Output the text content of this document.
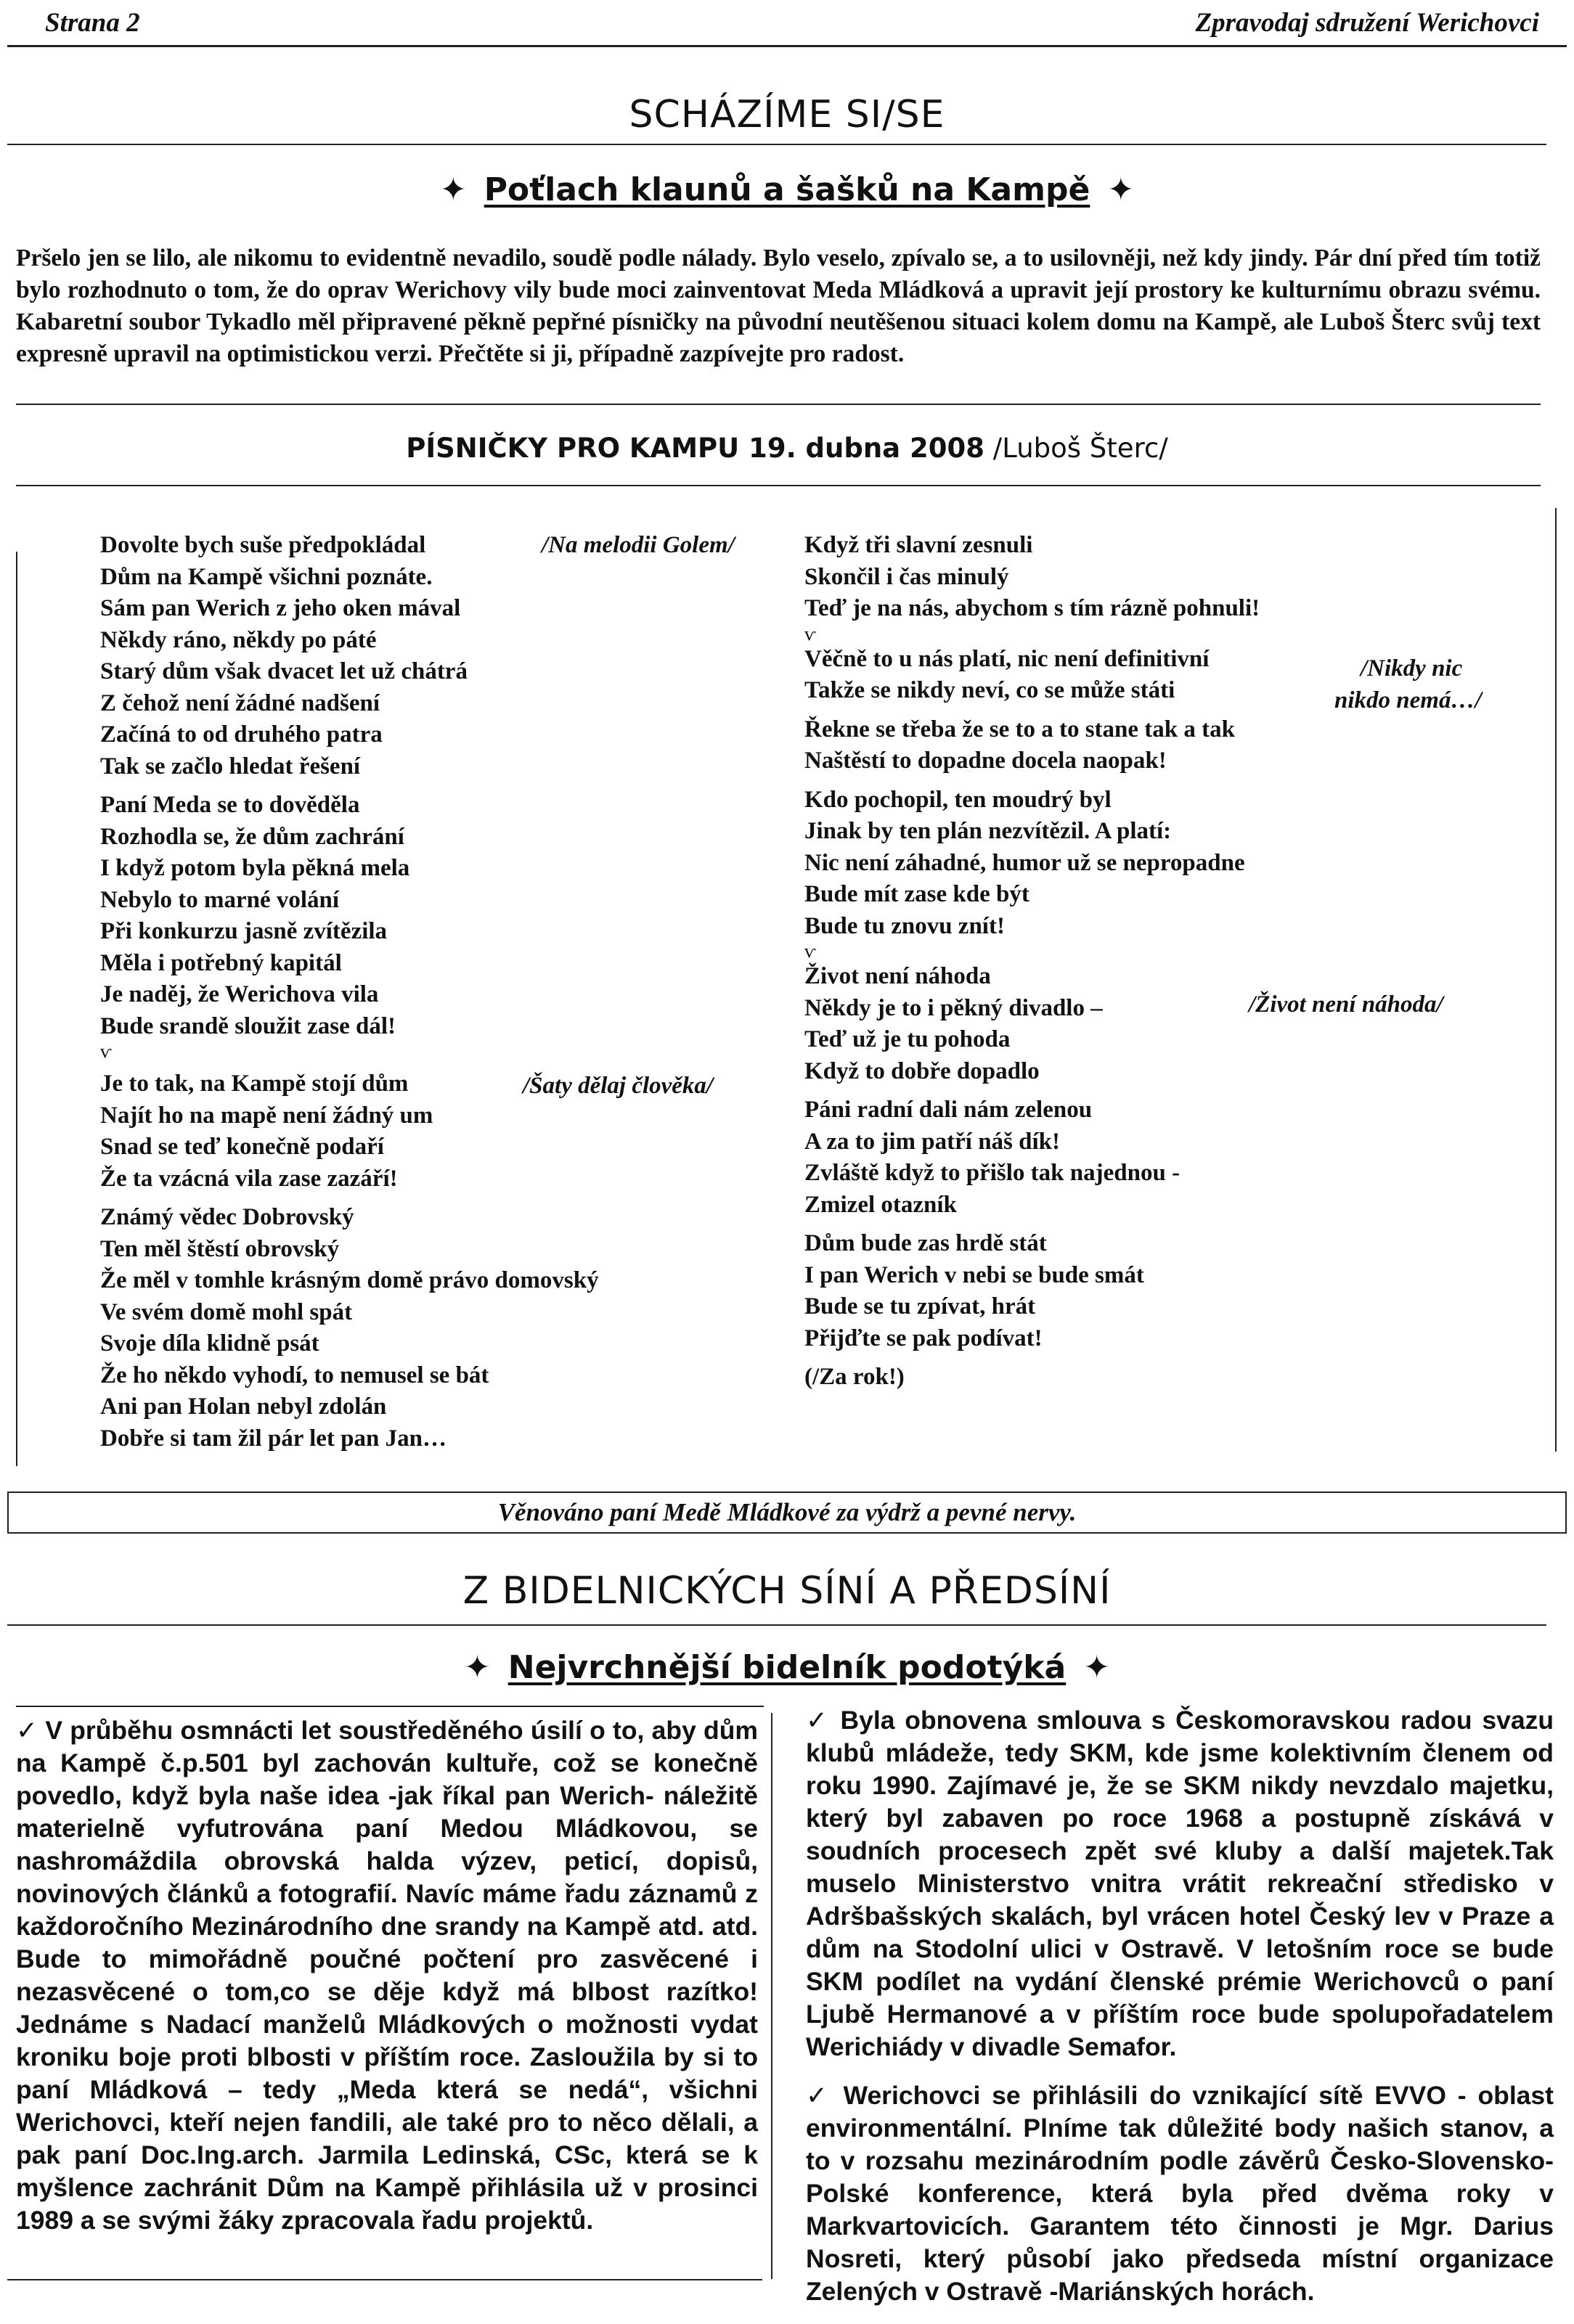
Strana 2	Zpravodaj sdružení Werichovci
SCHÁZÍME SI/SE
✦ Poťlach klaunů a šašků na Kampě ✦
Pršelo jen se lilo, ale nikomu to evidentně nevadilo, soudě podle nálady. Bylo veselo, zpívalo se, a to usilovněji, než kdy jindy. Pár dní před tím totiž bylo rozhodnuto o tom, že do oprav Werichovy vily bude moci zainventovat Meda Mládková a upravit její prostory ke kulturnímu obrazu svému. Kabaretní soubor Tykadlo měl připravené pěkně pepřné písničky na původní neutěšenou situaci kolem domu na Kampě, ale Luboš Šterc svůj text expresně upravil na optimistickou verzi. Přečtěte si ji, případně zazpívejte pro radost.
PÍSNIČKY PRO KAMPU 19. dubna 2008 /Luboš Šterc/
Dovolte bych suše předpokládal
Dům na Kampě všichni poznáte.
Sám pan Werich z jeho oken mával
Někdy ráno, někdy po páté
Starý dům však dvacet let už chátrá
Z čehož není žádné nadšení
Začíná to od druhého patra
Tak se začlo hledat řešení
Paní Meda se to dověděla
Rozhodla se, že dům zachrání
I když potom byla pěkná mela
Nebylo to marné volání
Při konkurzu jasně zvítězila
Měla i potřebný kapitál
Je naděj, že Werichova vila
Bude srandě sloužit zase dál!
ⱱ
Je to tak, na Kampě stojí dům
Najít ho na mapě není žádný um
Snad se teď konečně podaří
Že ta vzácná vila zase zazáří!
Známý vědec Dobrovský
Ten měl štěstí obrovský
Že měl v tomhle krásným domě právo domovský
Ve svém domě mohl spát
Svoje díla klidně psát
Že ho někdo vyhodí, to nemusel se bát
Ani pan Holan nebyl zdolán
Dobře si tam žil pár let pan Jan…
/Na melodii Golem/
/Šaty dělaj člověka/
Když tři slavní zesnuli
Skončil i čas minulý
Teď je na nás, abychom s tím rázně pohnuli!
ⱱ
Věčně to u nás platí, nic není definitivní
Takže se nikdy neví, co se může státi
Řekne se třeba že se to a to stane tak a tak
Naštěstí to dopadne docela naopak!
Kdo pochopil, ten moudrý byl
Jinak by ten plán nezvítězil. A platí:
Nic není záhadné, humor už se nepropadne
Bude mít zase kde být
Bude tu znovu znít!
ⱱ
Život není náhoda
Někdy je to i pěkný divadlo –
Teď už je tu pohoda
Když to dobře dopadlo
Páni radní dali nám zelenou
A za to jim patří náš dík!
Zvláště když to přišlo tak najednou -
Zmizel otazník
Dům bude zas hrdě stát
I pan Werich v nebi se bude smát
Bude se tu zpívat, hrát
Přijďte se pak podívat!
(/Za rok!)
/Nikdy nic
nikdo nemá…/
/Život není náhoda/
Věnováno paní Medě Mládkové za výdrž a pevné nervy.
Z BIDELNICKÝCH SÍNÍ A PŘEDSÍNÍ
✦ Nejvrchnější bidelník podotýká ✦

✓ V průběhu osmnácti let soustředěného úsilí o to, aby dům na Kampě č.p.501 byl zachován kultuře, což se konečně povedlo, když byla naše idea -jak říkal pan Werich- náležitě materielně vyfutrována paní Medou Mládkovou, se nashromáždila obrovská halda výzev, peticí, dopisů, novinových článků a fotografií. Navíc máme řadu záznamů z každoročního Mezinárodního dne srandy na Kampě atd. atd. Bude to mimořádně poučné počtení pro zasvěcené i nezasvěcené o tom,co se děje když má blbost razítko! Jednáme s Nadací manželů Mládkových o možnosti vydat kroniku boje proti blbosti v příštím roce. Zasloužila by si to paní Mládková – tedy „Meda která se nedá“, všichni Werichovci, kteří nejen fandili, ale také pro to něco dělali, a pak paní Doc.Ing.arch. Jarmila Ledinská, CSc, která se k myšlence zachránit Dům na Kampě přihlásila už v prosinci 1989 a se svými žáky zpracovala řadu projektů.

✓ Byla obnovena smlouva s Českomoravskou radou svazu klubů mládeže, tedy SKM, kde jsme kolektivním členem od roku 1990. Zajímavé je, že se SKM nikdy nevzdalo majetku, který byl zabaven po roce 1968 a postupně získává v soudních procesech zpět své kluby a další majetek.Tak muselo Ministerstvo vnitra vrátit rekreační středisko v Adršbašských skalách, byl vrácen hotel Český lev v Praze a dům na Stodolní ulici v Ostravě. V letošním roce se bude SKM podílet na vydání členské prémie Werichovců o paní Ljubě Hermanové a v příštím roce bude spolupořadatelem Werichiády v divadle Semafor.

✓ Werichovci se přihlásili do vznikající sítě EVVO - oblast environmentální. Plníme tak důležité body našich stanov, a to v rozsahu mezinárodním podle závěrů Česko-Slovensko-Polské konference, která byla před dvěma roky v Markvartovicích. Garantem této činnosti je Mgr. Darius Nosreti, který působí jako předseda místní organizace Zelených v Ostravě -Mariánských horách.
